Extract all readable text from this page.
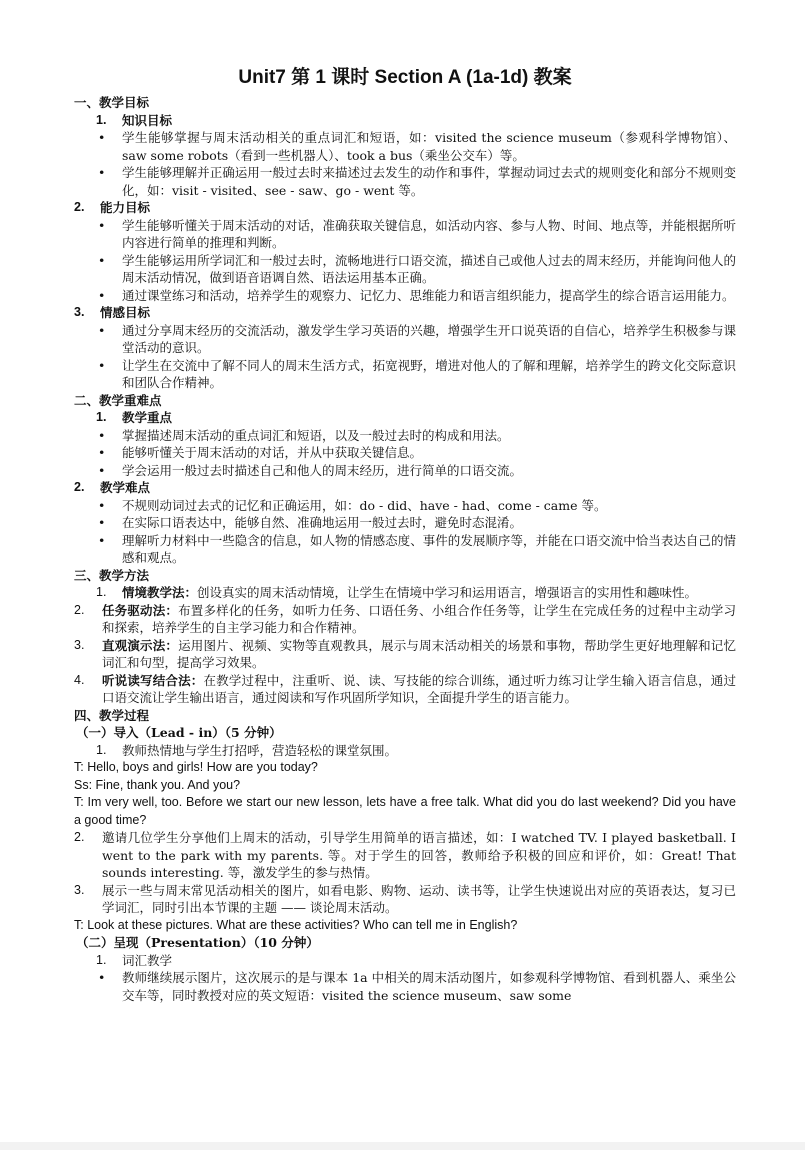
Unit7 第 1 课时 Section A (1a-1d) 教案
一、教学目标
1.	知识目标
•	学生能够掌握与周末活动相关的重点词汇和短语，如：visited the science museum（参观科学博物馆）、saw some robots（看到一些机器人）、took a bus（乘坐公交车）等。
•	学生能够理解并正确运用一般过去时来描述过去发生的动作和事件，掌握动词过去式的规则变化和部分不规则变化，如：visit - visited、see - saw、go - went 等。
2.	能力目标
•	学生能够听懂关于周末活动的对话，准确获取关键信息，如活动内容、参与人物、时间、地点等，并能根据所听内容进行简单的推理和判断。
•	学生能够运用所学词汇和一般过去时，流畅地进行口语交流，描述自己或他人过去的周末经历，并能询问他人的周末活动情况，做到语音语调自然、语法运用基本正确。
•	通过课堂练习和活动，培养学生的观察力、记忆力、思维能力和语言组织能力，提高学生的综合语言运用能力。
3.	情感目标
•	通过分享周末经历的交流活动，激发学生学习英语的兴趣，增强学生开口说英语的自信心，培养学生积极参与课堂活动的意识。
•	让学生在交流中了解不同人的周末生活方式，拓宽视野，增进对他人的了解和理解，培养学生的跨文化交际意识和团队合作精神。
二、教学重难点
1.	教学重点
•	掌握描述周末活动的重点词汇和短语，以及一般过去时的构成和用法。
•	能够听懂关于周末活动的对话，并从中获取关键信息。
•	学会运用一般过去时描述自己和他人的周末经历，进行简单的口语交流。
2.	教学难点
•	不规则动词过去式的记忆和正确运用，如：do - did、have - had、come - came 等。
•	在实际口语表达中，能够自然、准确地运用一般过去时，避免时态混淆。
•	理解听力材料中一些隐含的信息，如人物的情感态度、事件的发展顺序等，并能在口语交流中恰当表达自己的情感和观点。
三、教学方法
1.	情境教学法：创设真实的周末活动情境，让学生在情境中学习和运用语言，增强语言的实用性和趣味性。
2.	任务驱动法：布置多样化的任务，如听力任务、口语任务、小组合作任务等，让学生在完成任务的过程中主动学习和探索，培养学生的自主学习能力和合作精神。
3.	直观演示法：运用图片、视频、实物等直观教具，展示与周末活动相关的场景和事物，帮助学生更好地理解和记忆词汇和句型，提高学习效果。
4.	听说读写结合法：在教学过程中，注重听、说、读、写技能的综合训练，通过听力练习让学生输入语言信息，通过口语交流让学生输出语言，通过阅读和写作巩固所学知识，全面提升学生的语言能力。
四、教学过程
（一）导入（Lead - in）（5 分钟）
1.	教师热情地与学生打招呼，营造轻松的课堂氛围。
T: Hello, boys and girls! How are you today?
Ss: Fine, thank you. And you?
T: Im very well, too. Before we start our new lesson, lets have a free talk. What did you do last weekend? Did you have a good time?
2.	邀请几位学生分享他们上周末的活动，引导学生用简单的语言描述，如：I watched TV. I played basketball. I went to the park with my parents. 等。对于学生的回答，教师给予积极的回应和评价，如：Great! That sounds interesting. 等，激发学生的参与热情。
3.	展示一些与周末常见活动相关的图片，如看电影、购物、运动、读书等，让学生快速说出对应的英语表达，复习已学词汇，同时引出本节课的主题 —— 谈论周末活动。
T: Look at these pictures. What are these activities? Who can tell me in English?
（二）呈现（Presentation）（10 分钟）
1.	词汇教学
•	教师继续展示图片，这次展示的是与课本 1a 中相关的周末活动图片，如参观科学博物馆、看到机器人、乘坐公交车等，同时教授对应的英文短语：visited the science museum、saw some
